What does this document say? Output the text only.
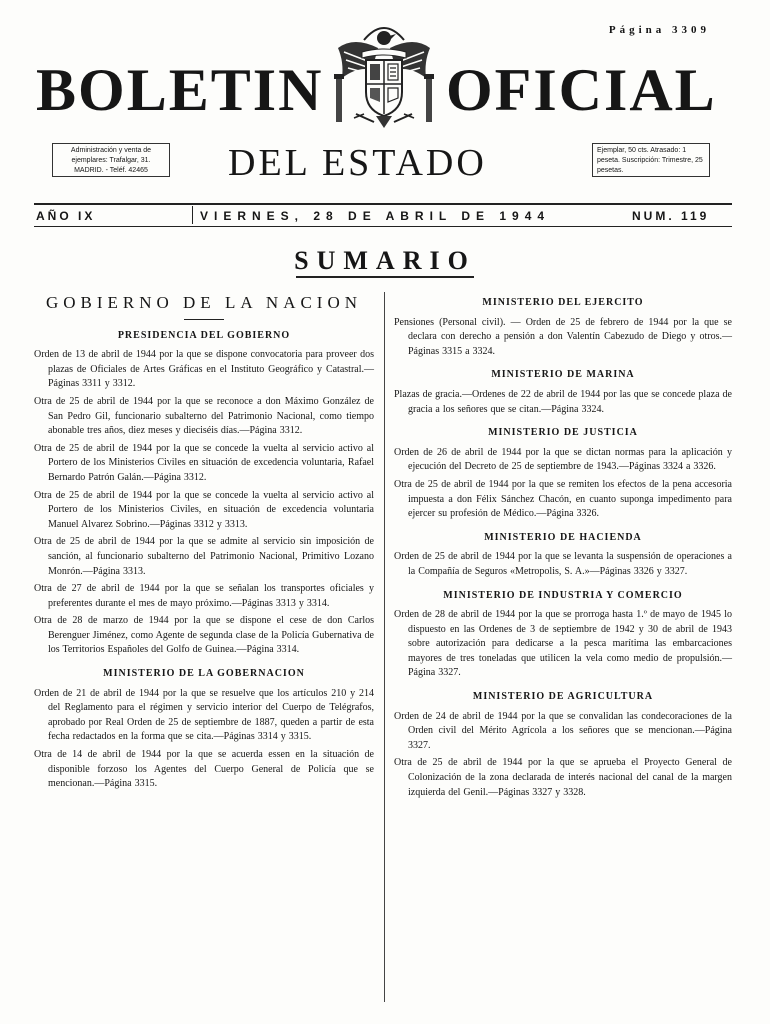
Página 3309
BOLETIN OFICIAL
Administración y venta de ejemplares: Trafalgar, 31. MADRID. - Teléf. 42465	DEL ESTADO	Ejemplar, 50 cts. Atrasado: 1 peseta. Suscripción: Trimestre, 25 pesetas.
AÑO IX	VIERNES, 28 DE ABRIL DE 1944	NUM. 119
SUMARIO
GOBIERNO DE LA NACION
PRESIDENCIA DEL GOBIERNO

Orden de 13 de abril de 1944 por la que se dispone convocatoria para proveer dos plazas de Oficiales de Artes Gráficas en el Instituto Geográfico y Catastral.—Páginas 3311 y 3312.

Otra de 25 de abril de 1944 por la que se reconoce a don Máximo González de San Pedro Gil, funcionario subalterno del Patrimonio Nacional, como tiempo abonable tres años, diez meses y dieciséis días.—Página 3312.

Otra de 25 de abril de 1944 por la que se concede la vuelta al servicio activo al Portero de los Ministerios Civiles en situación de excedencia voluntaria, Rafael Bernardo Patrón Galán.—Página 3312.

Otra de 25 de abril de 1944 por la que se concede la vuelta al servicio activo al Portero de los Ministerios Civiles, en situación de excedencia voluntaria Manuel Alvarez Sobrino.—Páginas 3312 y 3313.

Otra de 25 de abril de 1944 por la que se admite al servicio sin imposición de sanción, al funcionario subalterno del Patrimonio Nacional, Primitivo Lozano Monrón.—Página 3313.

Otra de 27 de abril de 1944 por la que se señalan los transportes oficiales y preferentes durante el mes de mayo próximo.—Páginas 3313 y 3314.

Otra de 28 de marzo de 1944 por la que se dispone el cese de don Carlos Berenguer Jiménez, como Agente de segunda clase de la Policía Gubernativa de los Territorios Españoles del Golfo de Guinea.—Página 3314.

MINISTERIO DE LA GOBERNACION

Orden de 21 de abril de 1944 por la que se resuelve que los artículos 210 y 214 del Reglamento para el régimen y servicio interior del Cuerpo de Telégrafos, aprobado por Real Orden de 25 de septiembre de 1887, queden a partir de esta fecha redactados en la forma que se cita.—Páginas 3314 y 3315.

Otra de 14 de abril de 1944 por la que se acuerda essen en la situación de disponible forzoso los Agentes del Cuerpo General de Policía que se mencionan.—Página 3315.

MINISTERIO DEL EJERCITO

Pensiones (Personal civil). — Orden de 25 de febrero de 1944 por la que se declara con derecho a pensión a don Valentín Cabezudo de Diego y otros.—Páginas 3315 a 3324.

MINISTERIO DE MARINA

Plazas de gracia.—Ordenes de 22 de abril de 1944 por las que se concede plaza de gracia a los señores que se citan.—Página 3324.

MINISTERIO DE JUSTICIA

Orden de 26 de abril de 1944 por la que se dictan normas para la aplicación y ejecución del Decreto de 25 de septiembre de 1943.—Páginas 3324 a 3326.

Otra de 25 de abril de 1944 por la que se remiten los efectos de la pena accesoria impuesta a don Félix Sánchez Chacón, en cuanto suponga impedimento para ejercer su profesión de Médico.—Página 3326.

MINISTERIO DE HACIENDA

Orden de 25 de abril de 1944 por la que se levanta la suspensión de operaciones a la Compañía de Seguros «Metropolis, S. A.»—Páginas 3326 y 3327.

MINISTERIO DE INDUSTRIA Y COMERCIO

Orden de 28 de abril de 1944 por la que se prorroga hasta 1.º de mayo de 1945 lo dispuesto en las Ordenes de 3 de septiembre de 1942 y 30 de abril de 1943 sobre autorización para dedicarse a la pesca marítima las embarcaciones mayores de tres toneladas que utilicen la vela como medio de propulsión.—Página 3327.

MINISTERIO DE AGRICULTURA

Orden de 24 de abril de 1944 por la que se convalidan las condecoraciones de la Orden civil del Mérito Agrícola a los señores que se mencionan.—Página 3327.

Otra de 25 de abril de 1944 por la que se aprueba el Proyecto General de Colonización de la zona declarada de interés nacional del canal de la margen izquierda del Genil.—Páginas 3327 y 3328.
